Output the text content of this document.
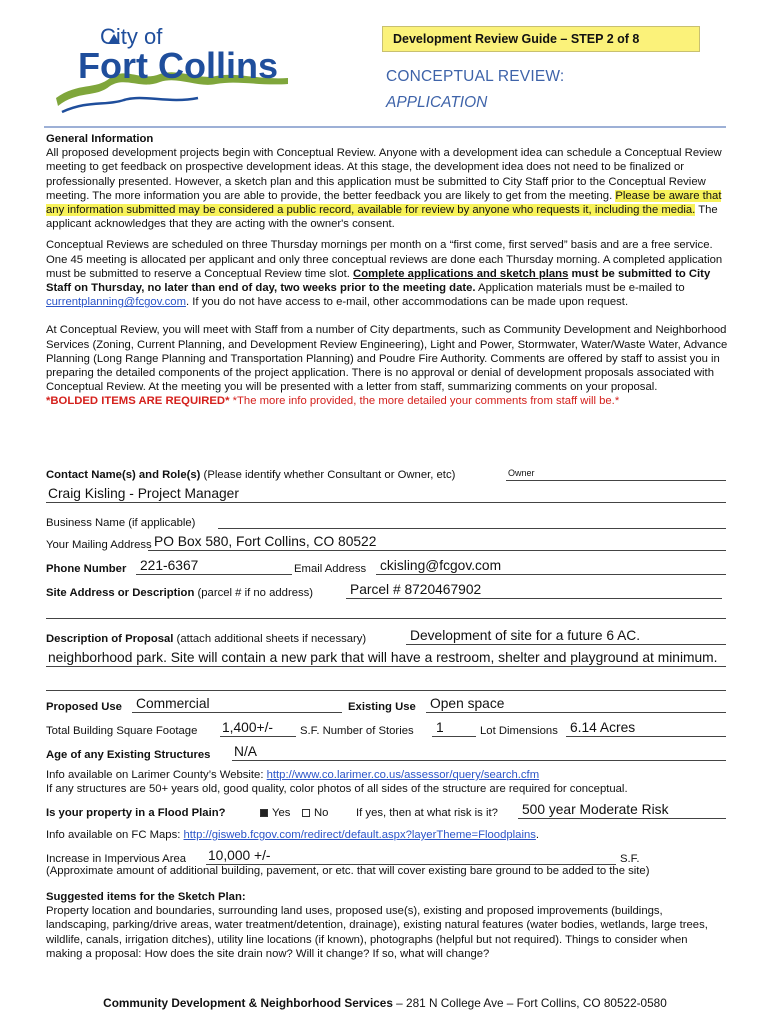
City of
Fort Collins
Development Review Guide – STEP 2 of 8
CONCEPTUAL REVIEW:
APPLICATION

General Information

All proposed development projects begin with Conceptual Review. Anyone with a development idea can schedule a Conceptual Review meeting to get feedback on prospective development ideas. At this stage, the development idea does not need to be finalized or professionally presented. However, a sketch plan and this application must be submitted to City Staff prior to the Conceptual Review meeting. The more information you are able to provide, the better feedback you are likely to get from the meeting. Please be aware that any information submitted may be considered a public record, available for review by anyone who requests it, including the media. The applicant acknowledges that they are acting with the owner's consent.

Conceptual Reviews are scheduled on three Thursday mornings per month on a “first come, first served” basis and are a free service. One 45 meeting is allocated per applicant and only three conceptual reviews are done each Thursday morning. A completed application must be submitted to reserve a Conceptual Review time slot. Complete applications and sketch plans must be submitted to City Staff on Thursday, no later than end of day, two weeks prior to the meeting date. Application materials must be e-mailed to currentplanning@fcgov.com. If you do not have access to e-mail, other accommodations can be made upon request.

At Conceptual Review, you will meet with Staff from a number of City departments, such as Community Development and Neighborhood Services (Zoning, Current Planning, and Development Review Engineering), Light and Power, Stormwater, Water/Waste Water, Advance Planning (Long Range Planning and Transportation Planning) and Poudre Fire Authority. Comments are offered by staff to assist you in preparing the detailed components of the project application. There is no approval or denial of development proposals associated with Conceptual Review. At the meeting you will be presented with a letter from staff, summarizing comments on your proposal.

*BOLDED ITEMS ARE REQUIRED* *The more info provided, the more detailed your comments from staff will be.*

Contact Name(s) and Role(s) (Please identify whether Consultant or Owner, etc)	Owner
Craig Kisling - Project Manager
Business Name (if applicable)
Your Mailing Address PO Box 580, Fort Collins, CO 80522
Phone Number 221-6367	Email Address ckisling@fcgov.com
Site Address or Description (parcel # if no address)	Parcel # 8720467902
Description of Proposal (attach additional sheets if necessary)	Development of site for a future 6 AC.
neighborhood park. Site will contain a new park that will have a restroom, shelter and playground at minimum.
Proposed Use Commercial	Existing Use Open space
Total Building Square Footage 1,400+/- S.F. Number of Stories 1	Lot Dimensions 6.14 Acres
Age of any Existing Structures N/A

Info available on Larimer County’s Website: http://www.co.larimer.co.us/assessor/query/search.cfm

If any structures are 50+ years old, good quality, color photos of all sides of the structure are required for conceptual.

Is your property in a Flood Plain?	Yes	No If yes, then at what risk is it? 500 year Moderate Risk

Info available on FC Maps: http://gisweb.fcgov.com/redirect/default.aspx?layerTheme=Floodplains.

Increase in Impervious Area 10,000 +/-	S.F.

(Approximate amount of additional building, pavement, or etc. that will cover existing bare ground to be added to the site)

Suggested items for the Sketch Plan:

Property location and boundaries, surrounding land uses, proposed use(s), existing and proposed improvements (buildings, landscaping, parking/drive areas, water treatment/detention, drainage), existing natural features (water bodies, wetlands, large trees, wildlife, canals, irrigation ditches), utility line locations (if known), photographs (helpful but not required). Things to consider when making a proposal: How does the site drain now? Will it change? If so, what will change?

Community Development & Neighborhood Services – 281 N College Ave – Fort Collins, CO 80522-0580
